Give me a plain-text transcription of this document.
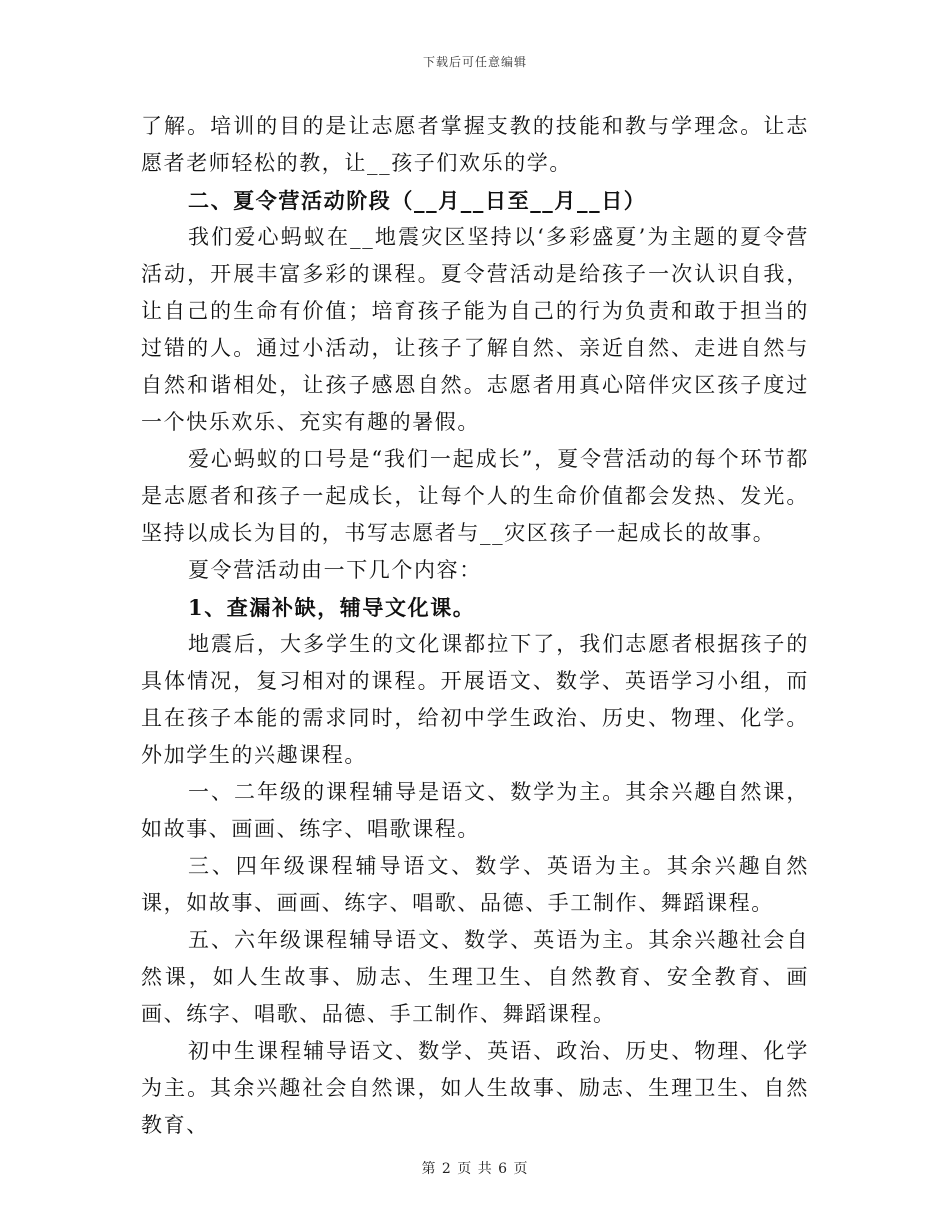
下载后可任意编辑

了解。培训的目的是让志愿者掌握支教的技能和教与学理念。让志愿者老师轻松的教，让__孩子们欢乐的学。

二、夏令营活动阶段（__月__日至__月__日）

我们爱心蚂蚁在__地震灾区坚持以‘多彩盛夏’为主题的夏令营活动，开展丰富多彩的课程。夏令营活动是给孩子一次认识自我，让自己的生命有价值；培育孩子能为自己的行为负责和敢于担当的过错的人。通过小活动，让孩子了解自然、亲近自然、走进自然与自然和谐相处，让孩子感恩自然。志愿者用真心陪伴灾区孩子度过一个快乐欢乐、充实有趣的暑假。

爱心蚂蚁的口号是“我们一起成长”，夏令营活动的每个环节都是志愿者和孩子一起成长，让每个人的生命价值都会发热、发光。坚持以成长为目的，书写志愿者与__灾区孩子一起成长的故事。

夏令营活动由一下几个内容：

1、查漏补缺，辅导文化课。

地震后，大多学生的文化课都拉下了，我们志愿者根据孩子的具体情况，复习相对的课程。开展语文、数学、英语学习小组，而且在孩子本能的需求同时，给初中学生政治、历史、物理、化学。外加学生的兴趣课程。

一、二年级的课程辅导是语文、数学为主。其余兴趣自然课，如故事、画画、练字、唱歌课程。

三、四年级课程辅导语文、数学、英语为主。其余兴趣自然课，如故事、画画、练字、唱歌、品德、手工制作、舞蹈课程。

五、六年级课程辅导语文、数学、英语为主。其余兴趣社会自然课，如人生故事、励志、生理卫生、自然教育、安全教育、画画、练字、唱歌、品德、手工制作、舞蹈课程。

初中生课程辅导语文、数学、英语、政治、历史、物理、化学为主。其余兴趣社会自然课，如人生故事、励志、生理卫生、自然教育、

第 2 页 共 6 页
